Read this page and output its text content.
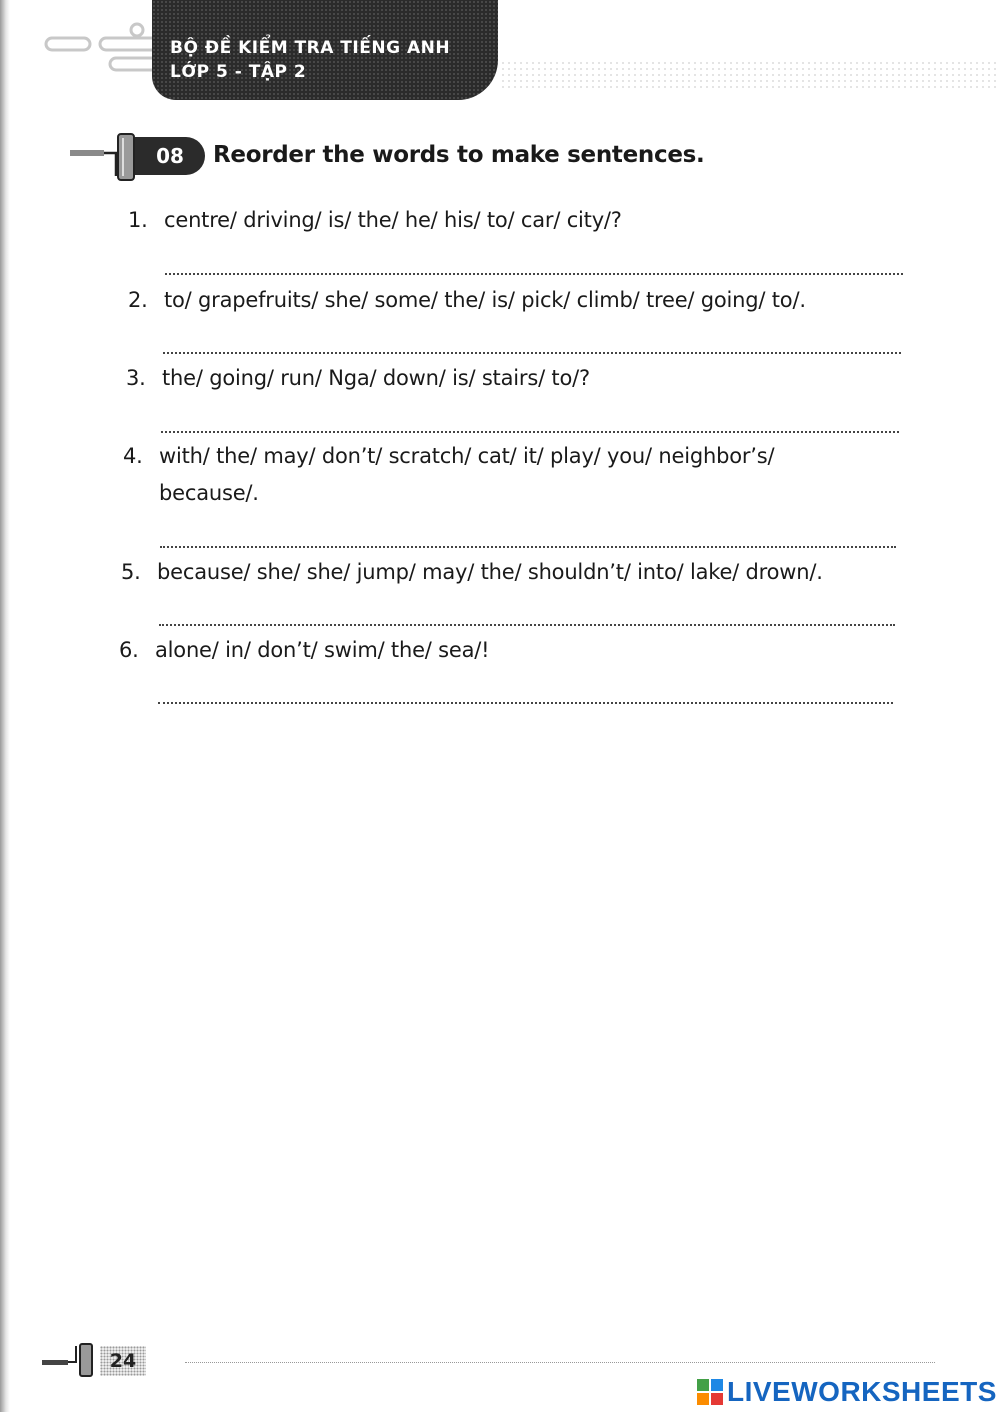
BỘ ĐỀ KIỂM TRA TIẾNG ANH
LỚP 5 - TẬP 2
08	Reorder the words to make sentences.
1. centre/ driving/ is/ the/ he/ his/ to/ car/ city/?
2. to/ grapefruits/ she/ some/ the/ is/ pick/ climb/ tree/ going/ to/.
3. the/ going/ run/ Nga/ down/ is/ stairs/ to/?
4. with/ the/ may/ don’t/ scratch/ cat/ it/ play/ you/ neighbor’s/
because/.
5. because/ she/ she/ jump/ may/ the/ shouldn’t/ into/ lake/ drown/.
6. alone/ in/ don’t/ swim/ the/ sea/!
24
LIVEWORKSHEETS
